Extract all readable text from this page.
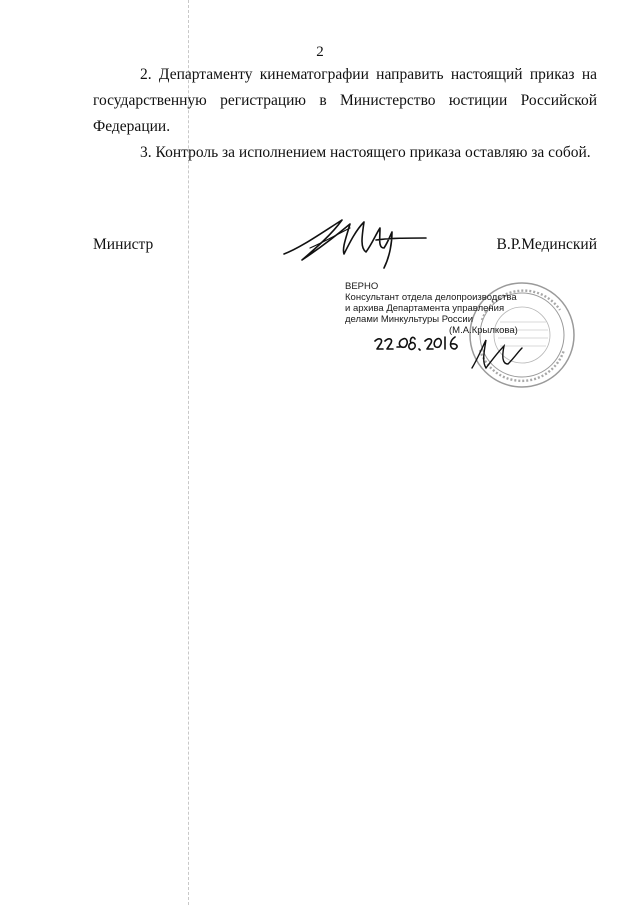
2

2. Департаменту кинематографии направить настоящий приказ на государственную регистрацию в Министерство юстиции Российской Федерации.

3. Контроль за исполнением настоящего приказа оставляю за собой.

Министр	В.Р.Мединский
ВЕРНО
Консультант отдела делопроизводства
и архива Департамента управления
делами Минкультуры России
(М.А.Крылкова)
